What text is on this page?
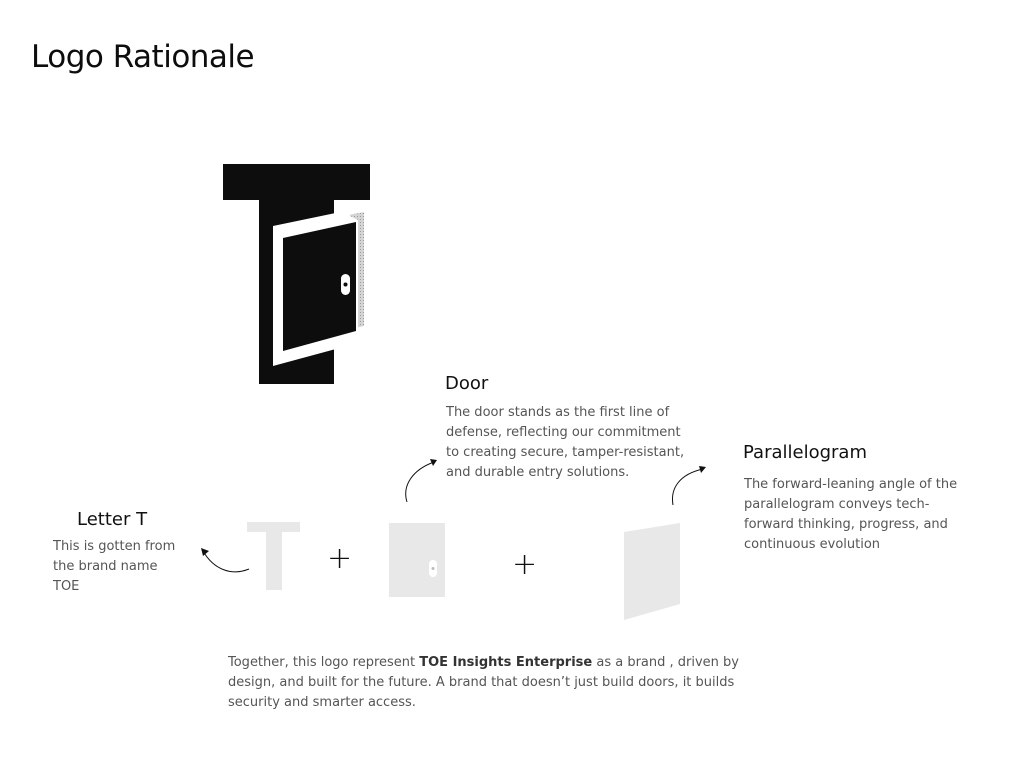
Logo Rationale
Door
The door stands as the first line of defense, reflecting our commitment to creating secure, tamper-resistant, and durable entry solutions.
Parallelogram
The forward-leaning angle of the parallelogram conveys tech-forward thinking, progress, and continuous evolution
Letter T
This is gotten from the brand name TOE
+	+
Together, this logo represent TOE Insights Enterprise as a brand , driven by design, and built for the future. A brand that doesn’t just build doors, it builds security and smarter access.
